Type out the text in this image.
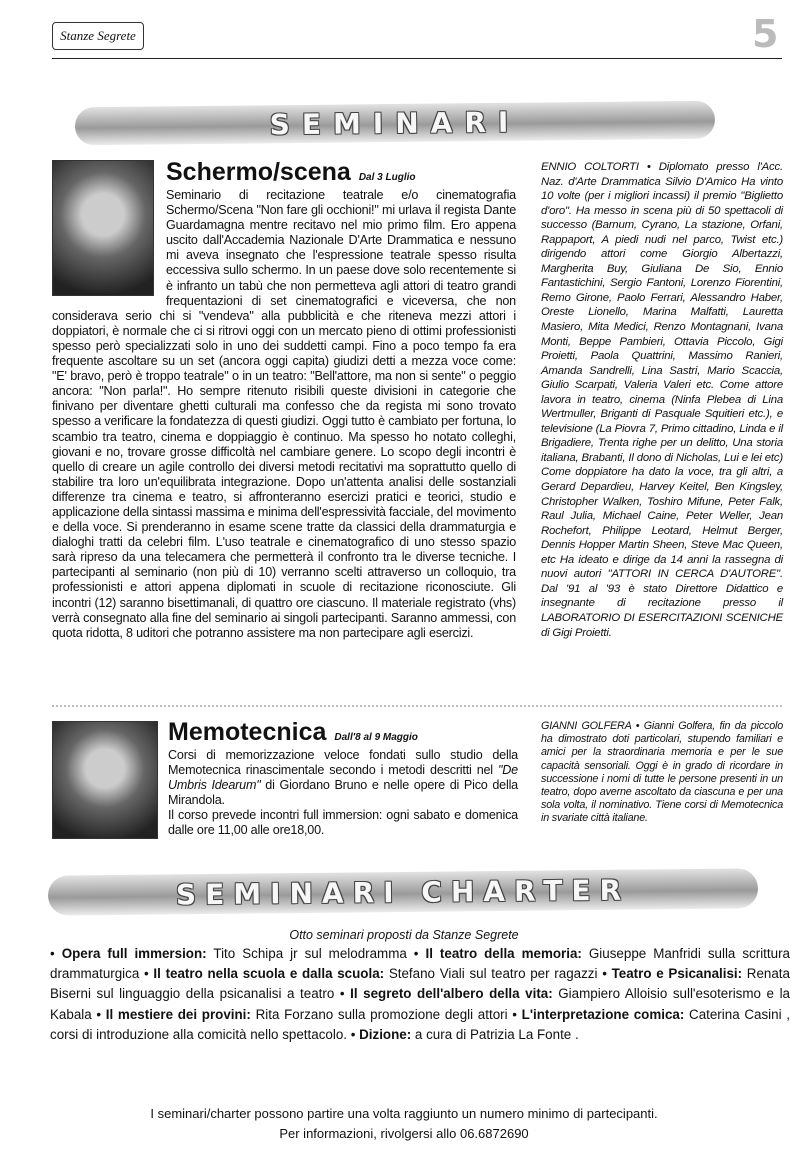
Stanze Segrete	5
SEMINARI
Schermo/scena Dal 3 Luglio
Seminario di recitazione teatrale e/o cinematografia Schermo/Scena "Non fare gli occhioni!" mi urlava il regista Dante Guardamagna mentre recitavo nel mio primo film. Ero appena uscito dall'Accademia Nazionale D'Arte Drammatica e nessuno mi aveva insegnato che l'espressione teatrale spesso risulta eccessiva sullo schermo. In un paese dove solo recentemente si è infranto un tabù che non permetteva agli attori di teatro grandi frequentazioni di set cinematografici e viceversa, che non considerava serio chi si "vendeva" alla pubblicità e che riteneva mezzi attori i doppiatori, è normale che ci si ritrovi oggi con un mercato pieno di ottimi professionisti spesso però specializzati solo in uno dei suddetti campi. Fino a poco tempo fa era frequente ascoltare su un set (ancora oggi capita) giudizi detti a mezza voce come: "E' bravo, però è troppo teatrale" o in un teatro: "Bell'attore, ma non si sente" o peggio ancora: "Non parla!". Ho sempre ritenuto risibili queste divisioni in categorie che finivano per diventare ghetti culturali ma confesso che da regista mi sono trovato spesso a verificare la fondatezza di questi giudizi. Oggi tutto è cambiato per fortuna, lo scambio tra teatro, cinema e doppiaggio è continuo. Ma spesso ho notato colleghi, giovani e no, trovare grosse difficoltà nel cambiare genere. Lo scopo degli incontri è quello di creare un agile controllo dei diversi metodi recitativi ma soprattutto quello di stabilire tra loro un'equilibrata integrazione. Dopo un'attenta analisi delle sostanziali differenze tra cinema e teatro, si affronteranno esercizi pratici e teorici, studio e applicazione della sintassi massima e minima dell'espressività facciale, del movimento e della voce. Si prenderanno in esame scene tratte da classici della drammaturgia e dialoghi tratti da celebri film. L'uso teatrale e cinematografico di uno stesso spazio sarà ripreso da una telecamera che permetterà il confronto tra le diverse tecniche. I partecipanti al seminario (non più di 10) verranno scelti attraverso un colloquio, tra professionisti e attori appena diplomati in scuole di recitazione riconosciute. Gli incontri (12) saranno bisettimanali, di quattro ore ciascuno. Il materiale registrato (vhs) verrà consegnato alla fine del seminario ai singoli partecipanti. Saranno ammessi, con quota ridotta, 8 uditori che potranno assistere ma non partecipare agli esercizi.
ENNIO COLTORTI • Diplomato presso l'Acc. Naz. d'Arte Drammatica Silvio D'Amico Ha vinto 10 volte (per i migliori incassi) il premio "Biglietto d'oro". Ha messo in scena più di 50 spettacoli di successo (Barnum, Cyrano, La stazione, Orfani, Rappaport, A piedi nudi nel parco, Twist etc.) dirigendo attori come Giorgio Albertazzi, Margherita Buy, Giuliana De Sio, Ennio Fantastichini, Sergio Fantoni, Lorenzo Fiorentini, Remo Girone, Paolo Ferrari, Alessandro Haber, Oreste Lionello, Marina Malfatti, Lauretta Masiero, Mita Medici, Renzo Montagnani, Ivana Monti, Beppe Pambieri, Ottavia Piccolo, Gigi Proietti, Paola Quattrini, Massimo Ranieri, Amanda Sandrelli, Lina Sastri, Mario Scaccia, Giulio Scarpati, Valeria Valeri etc. Come attore lavora in teatro, cinema (Ninfa Plebea di Lina Wertmuller, Briganti di Pasquale Squitieri etc.), e televisione (La Piovra 7, Primo cittadino, Linda e il Brigadiere, Trenta righe per un delitto, Una storia italiana, Brabanti, Il dono di Nicholas, Lui e lei etc) Come doppiatore ha dato la voce, tra gli altri, a Gerard Depardieu, Harvey Keitel, Ben Kingsley, Christopher Walken, Toshiro Mifune, Peter Falk, Raul Julia, Michael Caine, Peter Weller, Jean Rochefort, Philippe Leotard, Helmut Berger, Dennis Hopper Martin Sheen, Steve Mac Queen, etc Ha ideato e dirige da 14 anni la rassegna di nuovi autori "ATTORI IN CERCA D'AUTORE". Dal '91 al '93 è stato Direttore Didattico e insegnante di recitazione presso il LABORATORIO DI ESERCITAZIONI SCENICHE di Gigi Proietti.
Memotecnica Dall'8 al 9 Maggio
Corsi di memorizzazione veloce fondati sullo studio della Memotecnica rinascimentale secondo i metodi descritti nel "De Umbris Idearum" di Giordano Bruno e nelle opere di Pico della Mirandola.
Il corso prevede incontri full immersion: ogni sabato e domenica dalle ore 11,00 alle ore18,00.
GIANNI GOLFERA • Gianni Golfera, fin da piccolo ha dimostrato doti particolari, stupendo familiari e amici per la straordinaria memoria e per le sue capacità sensoriali. Oggi è in grado di ricordare in successione i nomi di tutte le persone presenti in un teatro, dopo averne ascoltato da ciascuna e per una sola volta, il nominativo. Tiene corsi di Memotecnica in svariate città italiane.
SEMINARI CHARTER
Otto seminari proposti da Stanze Segrete
• Opera full immersion: Tito Schipa jr sul melodramma • Il teatro della memoria: Giuseppe Manfridi sulla scrittura drammaturgica • Il teatro nella scuola e dalla scuola: Stefano Viali sul teatro per ragazzi • Teatro e Psicanalisi: Renata Biserni sul linguaggio della psicanalisi a teatro • Il segreto dell'albero della vita: Giampiero Alloisio sull'esoterismo e la Kabala • Il mestiere dei provini: Rita Forzano sulla promozione degli attori • L'interpretazione comica: Caterina Casini , corsi di introduzione alla comicità nello spettacolo. • Dizione: a cura di Patrizia La Fonte .
I seminari/charter possono partire una volta raggiunto un numero minimo di partecipanti.
Per informazioni, rivolgersi allo 06.6872690
